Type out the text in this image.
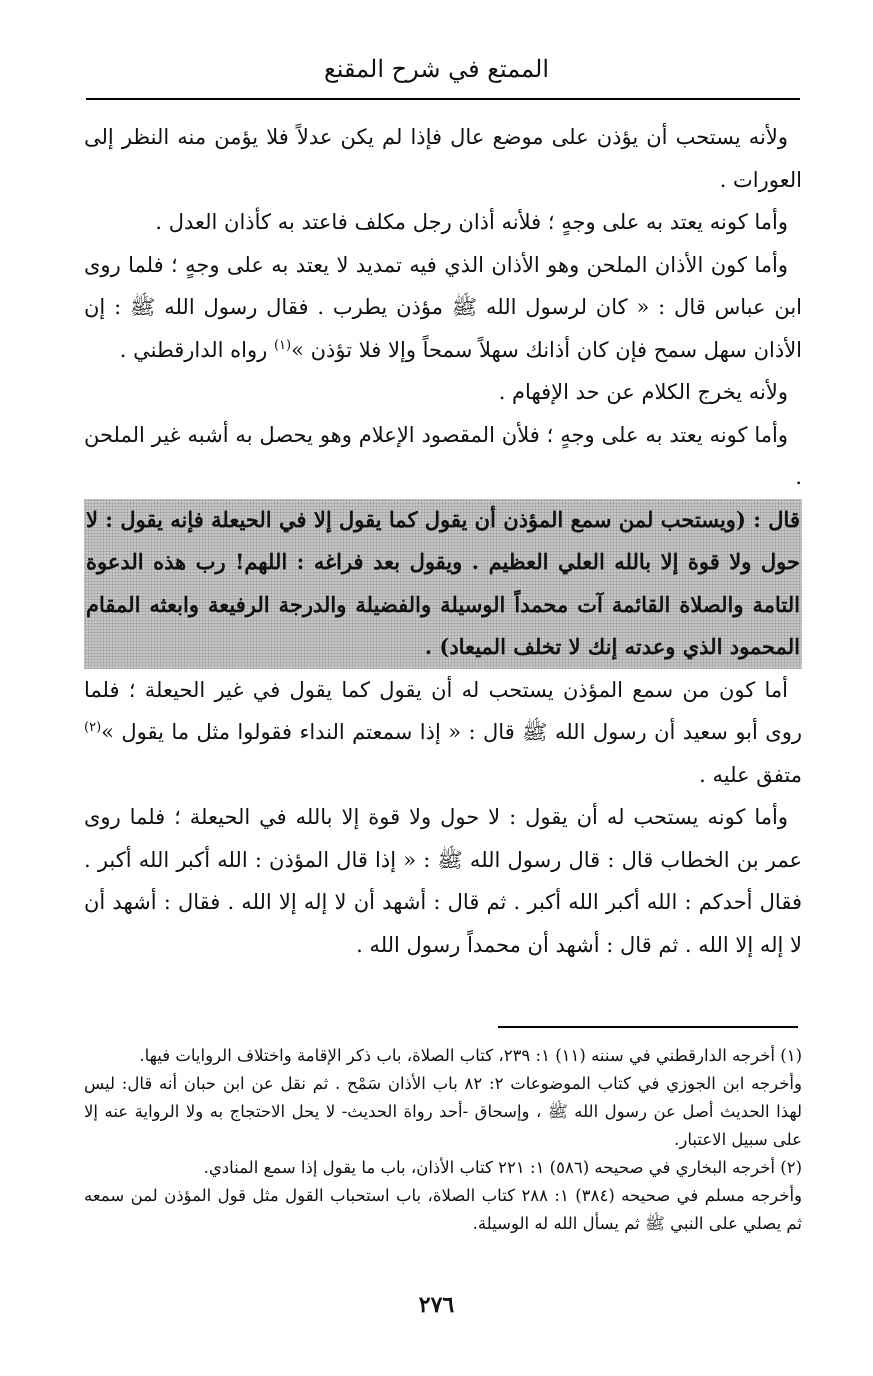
الممتع في شرح المقنع

ولأنه يستحب أن يؤذن على موضع عال فإذا لم يكن عدلاً فلا يؤمن منه النظر إلى العورات .

وأما كونه يعتد به على وجهٍ ؛ فلأنه أذان رجل مكلف فاعتد به كأذان العدل .

وأما كون الأذان الملحن وهو الأذان الذي فيه تمديد لا يعتد به على وجهٍ ؛ فلما روى ابن عباس قال : « كان لرسول الله ﷺ مؤذن يطرب . فقال رسول الله ﷺ : إن الأذان سهل سمح فإن كان أذانك سهلاً سمحاً وإلا فلا تؤذن »$^{(١)}$ رواه الدارقطني .

ولأنه يخرج الكلام عن حد الإفهام .

وأما كونه يعتد به على وجهٍ ؛ فلأن المقصود الإعلام وهو يحصل به أشبه غير الملحن .

قال : (ويستحب لمن سمع المؤذن أن يقول كما يقول إلا في الحيعلة فإنه يقول : لا حول ولا قوة إلا بالله العلي العظيم . ويقول بعد فراغه : اللهم! رب هذه الدعوة التامة والصلاة القائمة آت محمداً الوسيلة والفضيلة والدرجة الرفيعة وابعثه المقام المحمود الذي وعدته إنك لا تخلف الميعاد) .

أما كون من سمع المؤذن يستحب له أن يقول كما يقول في غير الحيعلة ؛ فلما روى أبو سعيد أن رسول الله ﷺ قال : « إذا سمعتم النداء فقولوا مثل ما يقول »$^{(٢)}$ متفق عليه .

وأما كونه يستحب له أن يقول : لا حول ولا قوة إلا بالله في الحيعلة ؛ فلما روى عمر بن الخطاب قال : قال رسول الله ﷺ : « إذا قال المؤذن : الله أكبر الله أكبر . فقال أحدكم : الله أكبر الله أكبر . ثم قال : أشهد أن لا إله إلا الله . فقال : أشهد أن لا إله إلا الله . ثم قال : أشهد أن محمداً رسول الله .

(١) أخرجه الدارقطني في سننه (١١) ١: ٢٣٩، كتاب الصلاة، باب ذكر الإقامة واختلاف الروايات فيها.

وأخرجه ابن الجوزي في كتاب الموضوعات ٢: ٨٢ باب الأذان سَمْح . ثم نقل عن ابن حبان أنه قال: ليس لهذا الحديث أصل عن رسول الله ﷺ ، وإسحاق -أحد رواة الحديث- لا يحل الاحتجاج به ولا الرواية عنه إلا على سبيل الاعتبار.

(٢) أخرجه البخاري في صحيحه (٥٨٦) ١: ٢٢١ كتاب الأذان، باب ما يقول إذا سمع المنادي.

وأخرجه مسلم في صحيحه (٣٨٤) ١: ٢٨٨ كتاب الصلاة، باب استحباب القول مثل قول المؤذن لمن سمعه ثم يصلي على النبي ﷺ ثم يسأل الله له الوسيلة.

٢٧٦
